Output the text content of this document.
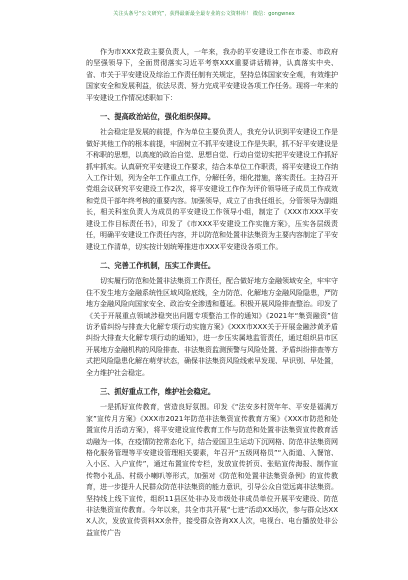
关注头条号“公文研究”，获得最新最全最专业的公文资料库！ 微信：gongwnex

作为市XXX党政主要负责人，一年来，我办的平安建设工作在市委、市政府的坚强领导下，全面贯彻落实习近平考察XXX重要讲话精神，认真落实中央、省、市关于平安建设及综治工作责任制有关规定，坚持总体国家安全观，有效维护国家安全和发展利益，依法尽责、努力完成平安建设各项工作任务。现将一年来的平安建设工作情况述职如下：

一、提高政治站位，强化组织保障。

社会稳定是发展的前提，作为单位主要负责人，我充分认识到平安建设工作是做好其他工作的根本前提，牢固树立不抓平安建设工作是失职，抓不好平安建设是不称职的思想，以高度的政治自觉、思想自觉、行动自觉切实把平安建设工作抓好抓牢抓实。认真研究平安建设工作要求，结合本单位工作职责，将平安建设工作纳入工作计划，列为全年工作重点工作，分解任务，细化措施，落实责任。主持召开党组会议研究平安建设工作2次，将平安建设工作作为评价领导班子成员工作成效和党员干部年终考核的重要内容。加强领导，成立了由我任组长，分管领导为副组长，相关科室负责人为成员的平安建设工作领导小组，制定了《XXX市XXX平安建设工作目标责任书》，印发了《市XXX平安建设工作实施方案》，压实各层级责任，明确平安建设工作责任内容，并以防范和处置非法集资为主要内容制定了平安建设工作清单，切实按计划统筹推进市XXX平安建设各项工作。

二、完善工作机制，压实工作责任。

切实履行防范和处置非法集资工作责任，配合做好地方金融领域安全，牢牢守住不发生地方金融系统性区域风险底线，全力防范、化解地方金融风险隐患，严防地方金融风险向国家安全、政治安全渗透和蔓延。积极开展风险排查整治。印发了《关于开展重点领域涉稳突出问题专项整治工作的通知》《2021年“集资融资”信访矛盾纠纷与排查大化解专项行动实施方案》《XXX市XXX关于开展金融涉黄矛盾纠纷大排查大化解专项行动的通知》，进一步压实属地监管责任，通过组织县市区开展地方金融机构的风险排查、非法集资监测预警与风险处置、矛盾纠纷排查等方式把风险隐患化解在萌芽状态，确保非法集资风险线索早发现、早识别、早处置，全力维护社会稳定。

三、抓好重点工作，维护社会稳定。

一是抓好宣传教育，营造良好氛围。印发《“法安多村贺年年、平安是福满万家”宣传月方案》《XXX市2021年防范非法集资宣传教育方案》《XXX市防范和处置宣传月活动方案》，将平安建设宣传教育工作与防范和处置非法集资宣传教育活动融为一体，在疫情防控常态化下，结合爱国卫生运动下沉网格、防范非法集资网格化服务管理等平安建设管理相关要素，年召开“五级网格员”“入街道、入餐馆、入小区、入户宣传”，通过布置宣传专栏，发放宣传折页、张贴宣传海报、制作宣传物小礼品、村级小喇叭等形式，加强对《防范和处置非法集资条例》的宣传教育，进一步提升人民群众防范非法集资的能力意识，引导公众自觉远离非法集资。坚持线上线下宣传，组织11县区处非办及市级处非成员单位开展平安建设、防范非法集资宣传教育。今年以来，共全市共开展“七进”活动XX场次，参与群众达XXX人次，发放宣传资料XX余件，接受群众咨询XX人次，电视台、电台播放处非公益宣传广告
